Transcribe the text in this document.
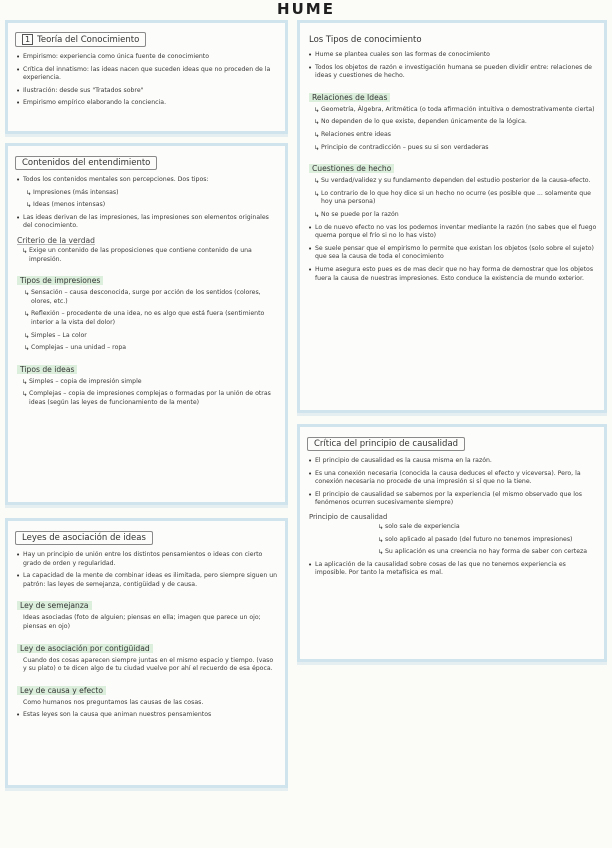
HUME
1 Teoría del Conocimiento
• Empirismo: experiencia como única fuente de conocimiento
• Crítica del innatismo: las ideas nacen que suceden ideas que no proceden de la experiencia.
• Ilustración: desde sus "Tratados sobre"
• Empirismo empírico elaborando la conciencia.
Contenidos del entendimiento
• Todos los contenidos mentales son percepciones. Dos tipos:
↳ Impresiones (más intensas)
↳ Ideas (menos intensas)
• Las ideas derivan de las impresiones, las impresiones son elementos originales del conocimiento.
Criterio de la verdad
↳ Exige un contenido de las proposiciones que contiene contenido de una impresión.
Tipos de impresiones
↳ Sensación – causa desconocida, surge por acción de los sentidos (colores, olores, etc.)
↳ Reflexión – procedente de una idea, no es algo que está fuera (sentimiento interior a la vista del dolor)
↳ Simples – La color
↳ Complejas – una unidad – ropa
Tipos de ideas
↳ Simples – copia de impresión simple
↳ Complejas – copia de impresiones complejas o formadas por la unión de otras ideas (según las leyes de funcionamiento de la mente)
Leyes de asociación de ideas
• Hay un principio de unión entre los distintos pensamientos o ideas con cierto grado de orden y regularidad.
• La capacidad de la mente de combinar ideas es ilimitada, pero siempre siguen un patrón: las leyes de semejanza, contigüidad y de causa.
Ley de semejanza
Ideas asociadas (foto de alguien; piensas en ella; imagen que parece un ojo; piensas en ojo)
Ley de asociación por contigüidad
Cuando dos cosas aparecen siempre juntas en el mismo espacio y tiempo. (vaso y su plato) o te dicen algo de tu ciudad vuelve por ahí el recuerdo de esa época.
Ley de causa y efecto
Como humanos nos preguntamos las causas de las cosas.
• Estas leyes son la causa que animan nuestros pensamientos
Los Tipos de conocimiento
• Hume se plantea cuales son las formas de conocimiento
• Todos los objetos de razón e investigación humana se pueden dividir entre: relaciones de ideas y cuestiones de hecho.
Relaciones de Ideas
↳ Geometría, Álgebra, Aritmética (o toda afirmación intuitiva o demostrativamente cierta)
↳ No dependen de lo que existe, dependen únicamente de la lógica.
↳ Relaciones entre ideas
↳ Principio de contradicción – pues su si son verdaderas
Cuestiones de hecho
↳ Su verdad/validez y su fundamento dependen del estudio posterior de la causa-efecto.
↳ Lo contrario de lo que hoy dice si un hecho no ocurre (es posible que ... solamente que hoy una persona)
↳ No se puede por la razón
• Lo de nuevo efecto no vas los podemos inventar mediante la razón (no sabes que el fuego quema porque el frío si no lo has visto)
• Se suele pensar que el empirismo lo permite que existan los objetos (solo sobre el sujeto) que sea la causa de toda el conocimiento
• Hume asegura esto pues es de mas decir que no hay forma de demostrar que los objetos fuera la causa de nuestras impresiones. Esto conduce la existencia de mundo exterior.
Crítica del principio de causalidad
• El principio de causalidad es la causa misma en la razón.
• Es una conexión necesaria (conocida la causa deduces el efecto y viceversa). Pero, la conexión necesaria no procede de una impresión si sí que no la tiene.
• El principio de causalidad se sabemos por la experiencia (el mismo observado que los fenómenos ocurren sucesivamente siempre)
Principio de causalidad
↳ solo sale de experiencia
↳ solo aplicado al pasado (del futuro no tenemos impresiones)
↳ Su aplicación es una creencia no hay forma de saber con certeza
• La aplicación de la causalidad sobre cosas de las que no tenemos experiencia es imposible. Por tanto la metafísica es mal.
